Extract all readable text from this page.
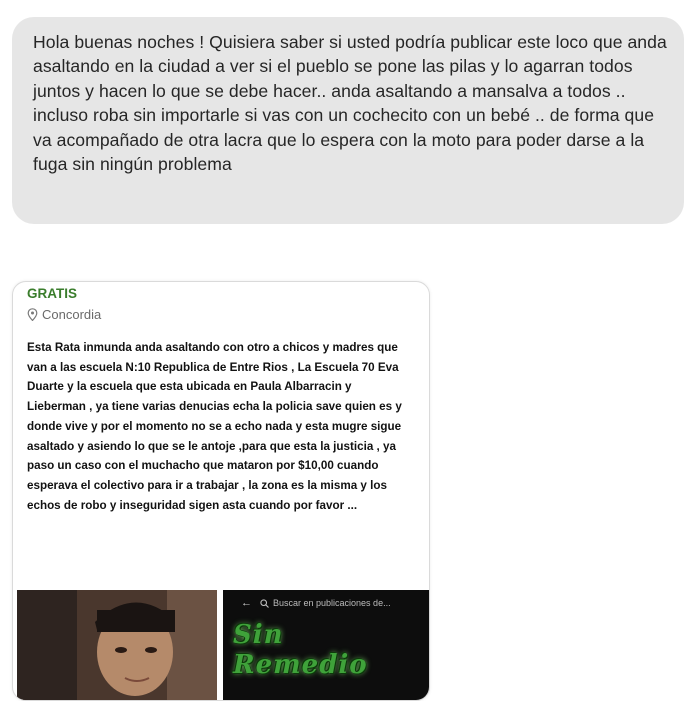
Hola buenas noches ! Quisiera saber si usted podría publicar este loco que anda asaltando en la ciudad a ver si el pueblo se pone las pilas y lo agarran todos juntos y hacen lo que se debe hacer.. anda asaltando a mansalva a todos .. incluso roba sin importarle si vas con un cochecito con un bebé .. de forma que va acompañado de otra lacra que lo espera con la moto para poder darse a la fuga sin ningún problema

GRATIS
Concordia

Esta Rata inmunda anda asaltando con otro a chicos y madres que van a las escuela N:10 Republica de Entre Rios , La Escuela 70 Eva Duarte y la escuela que esta ubicada en Paula Albarracin y Lieberman , ya tiene varias denucias echa la policia save quien es y donde vive y por el momento no se a echo nada y esta mugre sigue asaltado y asiendo lo que se le antoje ,para que esta la justicia , ya paso un caso con el muchacho que mataron por $10,00 cuando esperava el colectivo para ir a trabajar , la zona es la misma y los echos de robo y inseguridad sigen asta cuando por favor ...

← Buscar en publicaciones de...
Sin Remedio
